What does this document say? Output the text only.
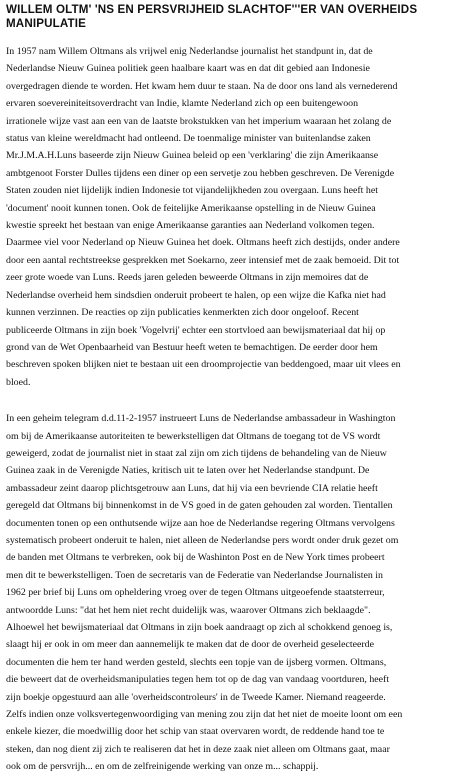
WILLEM OLTM' 'NS EN PERSVRIJHEID SLACHTOF'''ER VAN OVERHEIDS
MANIPULATIE
In 1957 nam Willem Oltmans als vrijwel enig Nederlandse journalist het standpunt in, dat de
Nederlandse Nieuw Guinea politiek geen haalbare kaart was en dat dit gebied aan Indonesie
overgedragen diende te worden. Het kwam hem duur te staan. Na de door ons land als vernederend
ervaren soevereiniteitsoverdracht van Indie, klamte Nederland zich op een buitengewoon
irrationele wijze vast aan een van de laatste brokstukken van het imperium waaraan het zolang de
status van kleine wereldmacht had ontleend. De toenmalige minister van buitenlandse zaken
Mr.J.M.A.H.Luns baseerde zijn Nieuw Guinea beleid op een 'verklaring' die zijn Amerikaanse
ambtgenoot Forster Dulles tijdens een diner op een servetje zou hebben geschreven. De Verenigde
Staten zouden niet lijdelijk indien Indonesie tot vijandelijkheden zou overgaan. Luns heeft het
'document' nooit kunnen tonen. Ook de feitelijke Amerikaanse opstelling in de Nieuw Guinea
kwestie spreekt het bestaan van enige Amerikaanse garanties aan Nederland volkomen tegen.
Daarmee viel voor Nederland op Nieuw Guinea het doek. Oltmans heeft zich destijds, onder andere
door een aantal rechtstreekse gesprekken met Soekarno, zeer intensief met de zaak bemoeid. Dit tot
zeer grote woede van Luns. Reeds jaren geleden beweerde Oltmans in zijn memoires dat de
Nederlandse overheid hem sindsdien onderuit probeert te halen, op een wijze die Kafka niet had
kunnen verzinnen. De reacties op zijn publicaties kenmerkten zich door ongeloof. Recent
publiceerde Oltmans in zijn boek 'Vogelvrij' echter een stortvloed aan bewijsmateriaal dat hij op
grond van de Wet Openbaarheid van Bestuur heeft weten te bemachtigen. De eerder door hem
beschreven spoken blijken niet te bestaan uit een droomprojectie van beddengoed, maar uit vlees en
bloed.
In een geheim telegram d.d.11-2-1957 instrueert Luns de Nederlandse ambassadeur in Washington
om bij de Amerikaanse autoriteiten te bewerkstelligen dat Oltmans de toegang tot de VS wordt
geweigerd, zodat de journalist niet in staat zal zijn om zich tijdens de behandeling van de Nieuw
Guinea zaak in de Verenigde Naties, kritisch uit te laten over het Nederlandse standpunt. De
ambassadeur zeint daarop plichtsgetrouw aan Luns, dat hij via een bevriende CIA relatie heeft
geregeld dat Oltmans bij binnenkomst in de VS goed in de gaten gehouden zal worden. Tientallen
documenten tonen op een onthutsende wijze aan hoe de Nederlandse regering Oltmans vervolgens
systematisch probeert onderuit te halen, niet alleen de Nederlandse pers wordt onder druk gezet om
de banden met Oltmans te verbreken, ook bij de Washinton Post en de New York times probeert
men dit te bewerkstelligen. Toen de secretaris van de Federatie van Nederlandse Journalisten in
1962 per brief bij Luns om opheldering vroeg over de tegen Oltmans uitgeoefende staatsterreur,
antwoordde Luns: "dat het hem niet recht duidelijk was, waarover Oltmans zich beklaagde".
Alhoewel het bewijsmateriaal dat Oltmans in zijn boek aandraagt op zich al schokkend genoeg is,
slaagt hij er ook in om meer dan aannemelijk te maken dat de door de overheid geselecteerde
documenten die hem ter hand werden gesteld, slechts een topje van de ijsberg vormen. Oltmans,
die beweert dat de overheidsmanipulaties tegen hem tot op de dag van vandaag voortduren, heeft
zijn boekje opgestuurd aan alle 'overheidscontroleurs' in de Tweede Kamer. Niemand reageerde.
Zelfs indien onze volksvertegenwoordiging van mening zou zijn dat het niet de moeite loont om een
enkele kiezer, die moedwillig door het schip van staat overvaren wordt, de reddende hand toe te
steken, dan nog dient zij zich te realiseren dat het in deze zaak niet alleen om Oltmans gaat, maar
ook om de persvrijh... en om de zelfreinigende werking van onze m... schappij.
